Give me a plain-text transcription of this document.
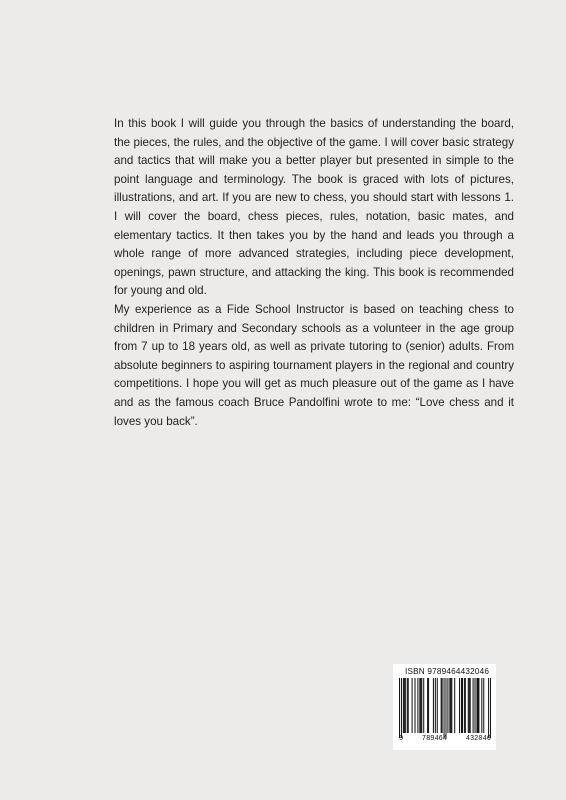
In this book I will guide you through the basics of understanding the board, the pieces, the rules, and the objective of the game. I will cover basic strategy and tactics that will make you a better player but presented in simple to the point language and terminology. The book is graced with lots of pictures, illustrations, and art. If you are new to chess, you should start with lessons 1. I will cover the board, chess pieces, rules, notation, basic mates, and elementary tactics. It then takes you by the hand and leads you through a whole range of more advanced strategies, including piece development, openings, pawn structure, and attacking the king. This book is recommended for young and old.

My experience as a Fide School Instructor is based on teaching chess to children in Primary and Secondary schools as a volunteer in the age group from 7 up to 18 years old, as well as private tutoring to (senior) adults. From absolute beginners to aspiring tournament players in the regional and country competitions. I hope you will get as much pleasure out of the game as I have and as the famous coach Bruce Pandolfini wrote to me: “Love chess and it loves you back”.

ISBN 9789464432046
9	789464	432046
